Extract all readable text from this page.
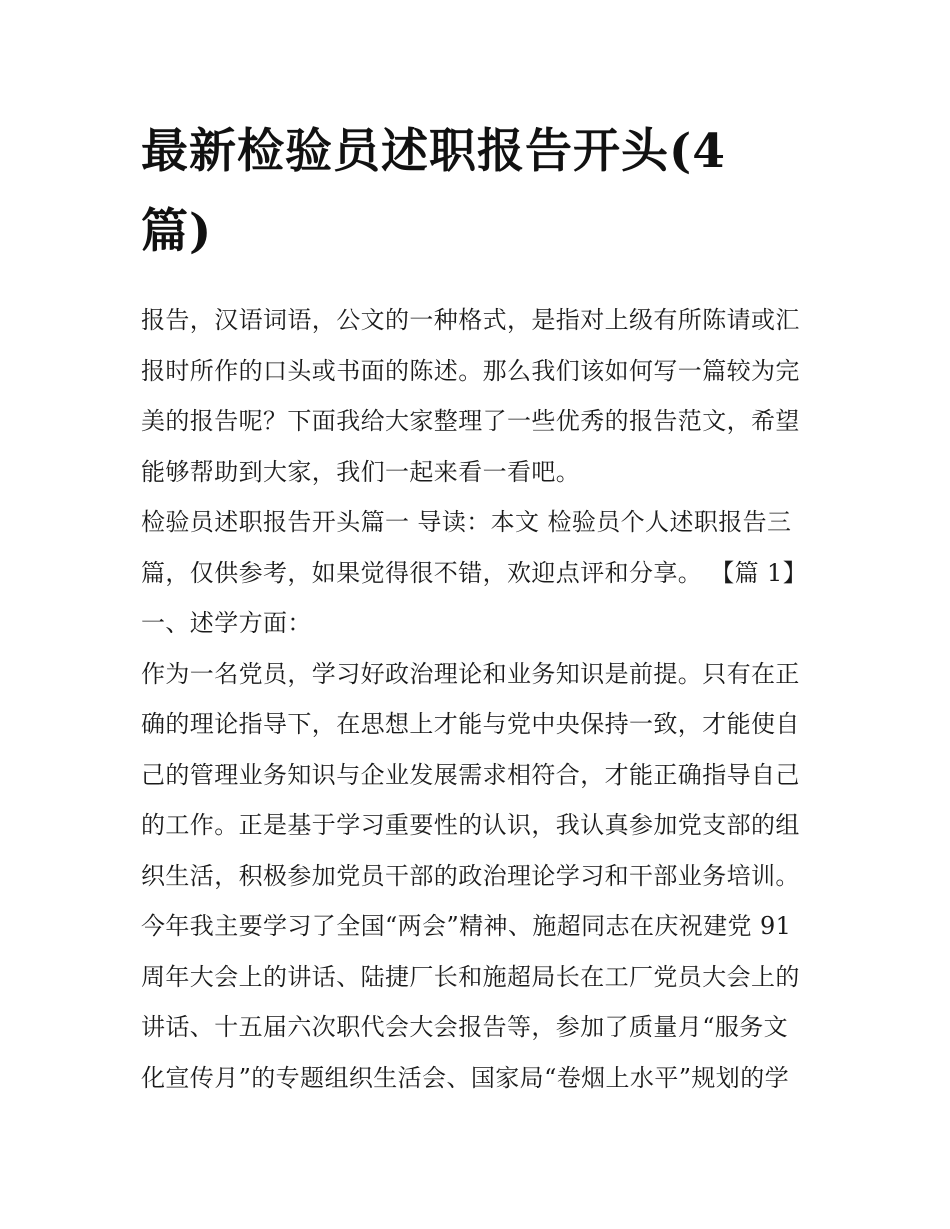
最新检验员述职报告开头(4
篇)

报告，汉语词语，公文的一种格式，是指对上级有所陈请或汇
报时所作的口头或书面的陈述。那么我们该如何写一篇较为完
美的报告呢？下面我给大家整理了一些优秀的报告范文，希望
能够帮助到大家，我们一起来看一看吧。

检验员述职报告开头篇一 导读：本文 检验员个人述职报告三
篇，仅供参考，如果觉得很不错，欢迎点评和分享。 【篇 1】

一、述学方面：

作为一名党员，学习好政治理论和业务知识是前提。只有在正
确的理论指导下，在思想上才能与党中央保持一致，才能使自
己的管理业务知识与企业发展需求相符合，才能正确指导自己
的工作。正是基于学习重要性的认识，我认真参加党支部的组
织生活，积极参加党员干部的政治理论学习和干部业务培训。
今年我主要学习了全国“两会”精神、施超同志在庆祝建党 91
周年大会上的讲话、陆捷厂长和施超局长在工厂党员大会上的
讲话、十五届六次职代会大会报告等，参加了质量月“服务文
化宣传月”的专题组织生活会、国家局“卷烟上水平”规划的学
